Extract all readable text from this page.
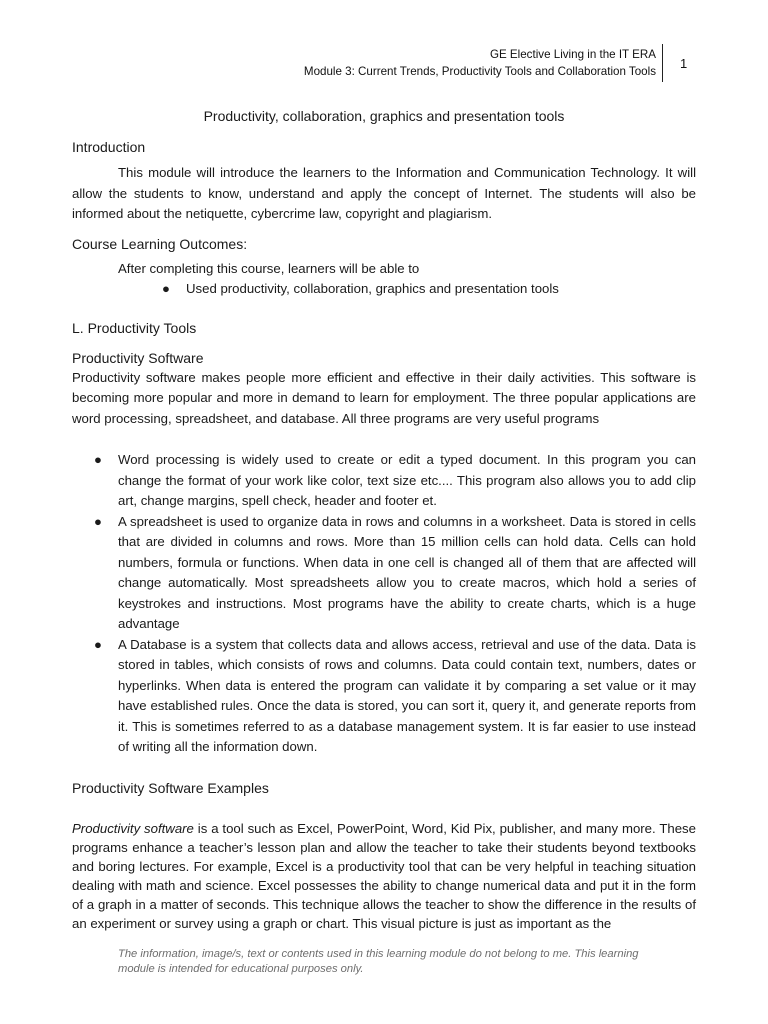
GE Elective Living in the IT ERA
Module 3: Current Trends, Productivity Tools and Collaboration Tools
1
Productivity, collaboration, graphics and presentation tools
Introduction

This module will introduce the learners to the Information and Communication Technology. It will allow the students to know, understand and apply the concept of Internet. The students will also be informed about the netiquette, cybercrime law, copyright and plagiarism.

Course Learning Outcomes:

After completing this course, learners will be able to

● Used productivity, collaboration, graphics and presentation tools
L. Productivity Tools
Productivity Software

Productivity software makes people more efficient and effective in their daily activities. This software is becoming more popular and more in demand to learn for employment. The three popular applications are word processing, spreadsheet, and database. All three programs are very useful programs

● Word processing is widely used to create or edit a typed document. In this program you can change the format of your work like color, text size etc.... This program also allows you to add clip art, change margins, spell check, header and footer et.
● A spreadsheet is used to organize data in rows and columns in a worksheet. Data is stored in cells that are divided in columns and rows. More than 15 million cells can hold data. Cells can hold numbers, formula or functions. When data in one cell is changed all of them that are affected will change automatically. Most spreadsheets allow you to create macros, which hold a series of keystrokes and instructions. Most programs have the ability to create charts, which is a huge advantage
● A Database is a system that collects data and allows access, retrieval and use of the data. Data is stored in tables, which consists of rows and columns. Data could contain text, numbers, dates or hyperlinks. When data is entered the program can validate it by comparing a set value or it may have established rules. Once the data is stored, you can sort it, query it, and generate reports from it. This is sometimes referred to as a database management system. It is far easier to use instead of writing all the information down.
Productivity Software Examples

Productivity software is a tool such as Excel, PowerPoint, Word, Kid Pix, publisher, and many more. These programs enhance a teacher’s lesson plan and allow the teacher to take their students beyond textbooks and boring lectures. For example, Excel is a productivity tool that can be very helpful in teaching situation dealing with math and science. Excel possesses the ability to change numerical data and put it in the form of a graph in a matter of seconds. This technique allows the teacher to show the difference in the results of an experiment or survey using a graph or chart. This visual picture is just as important as the

The information, image/s, text or contents used in this learning module do not belong to me. This learning module is intended for educational purposes only.
